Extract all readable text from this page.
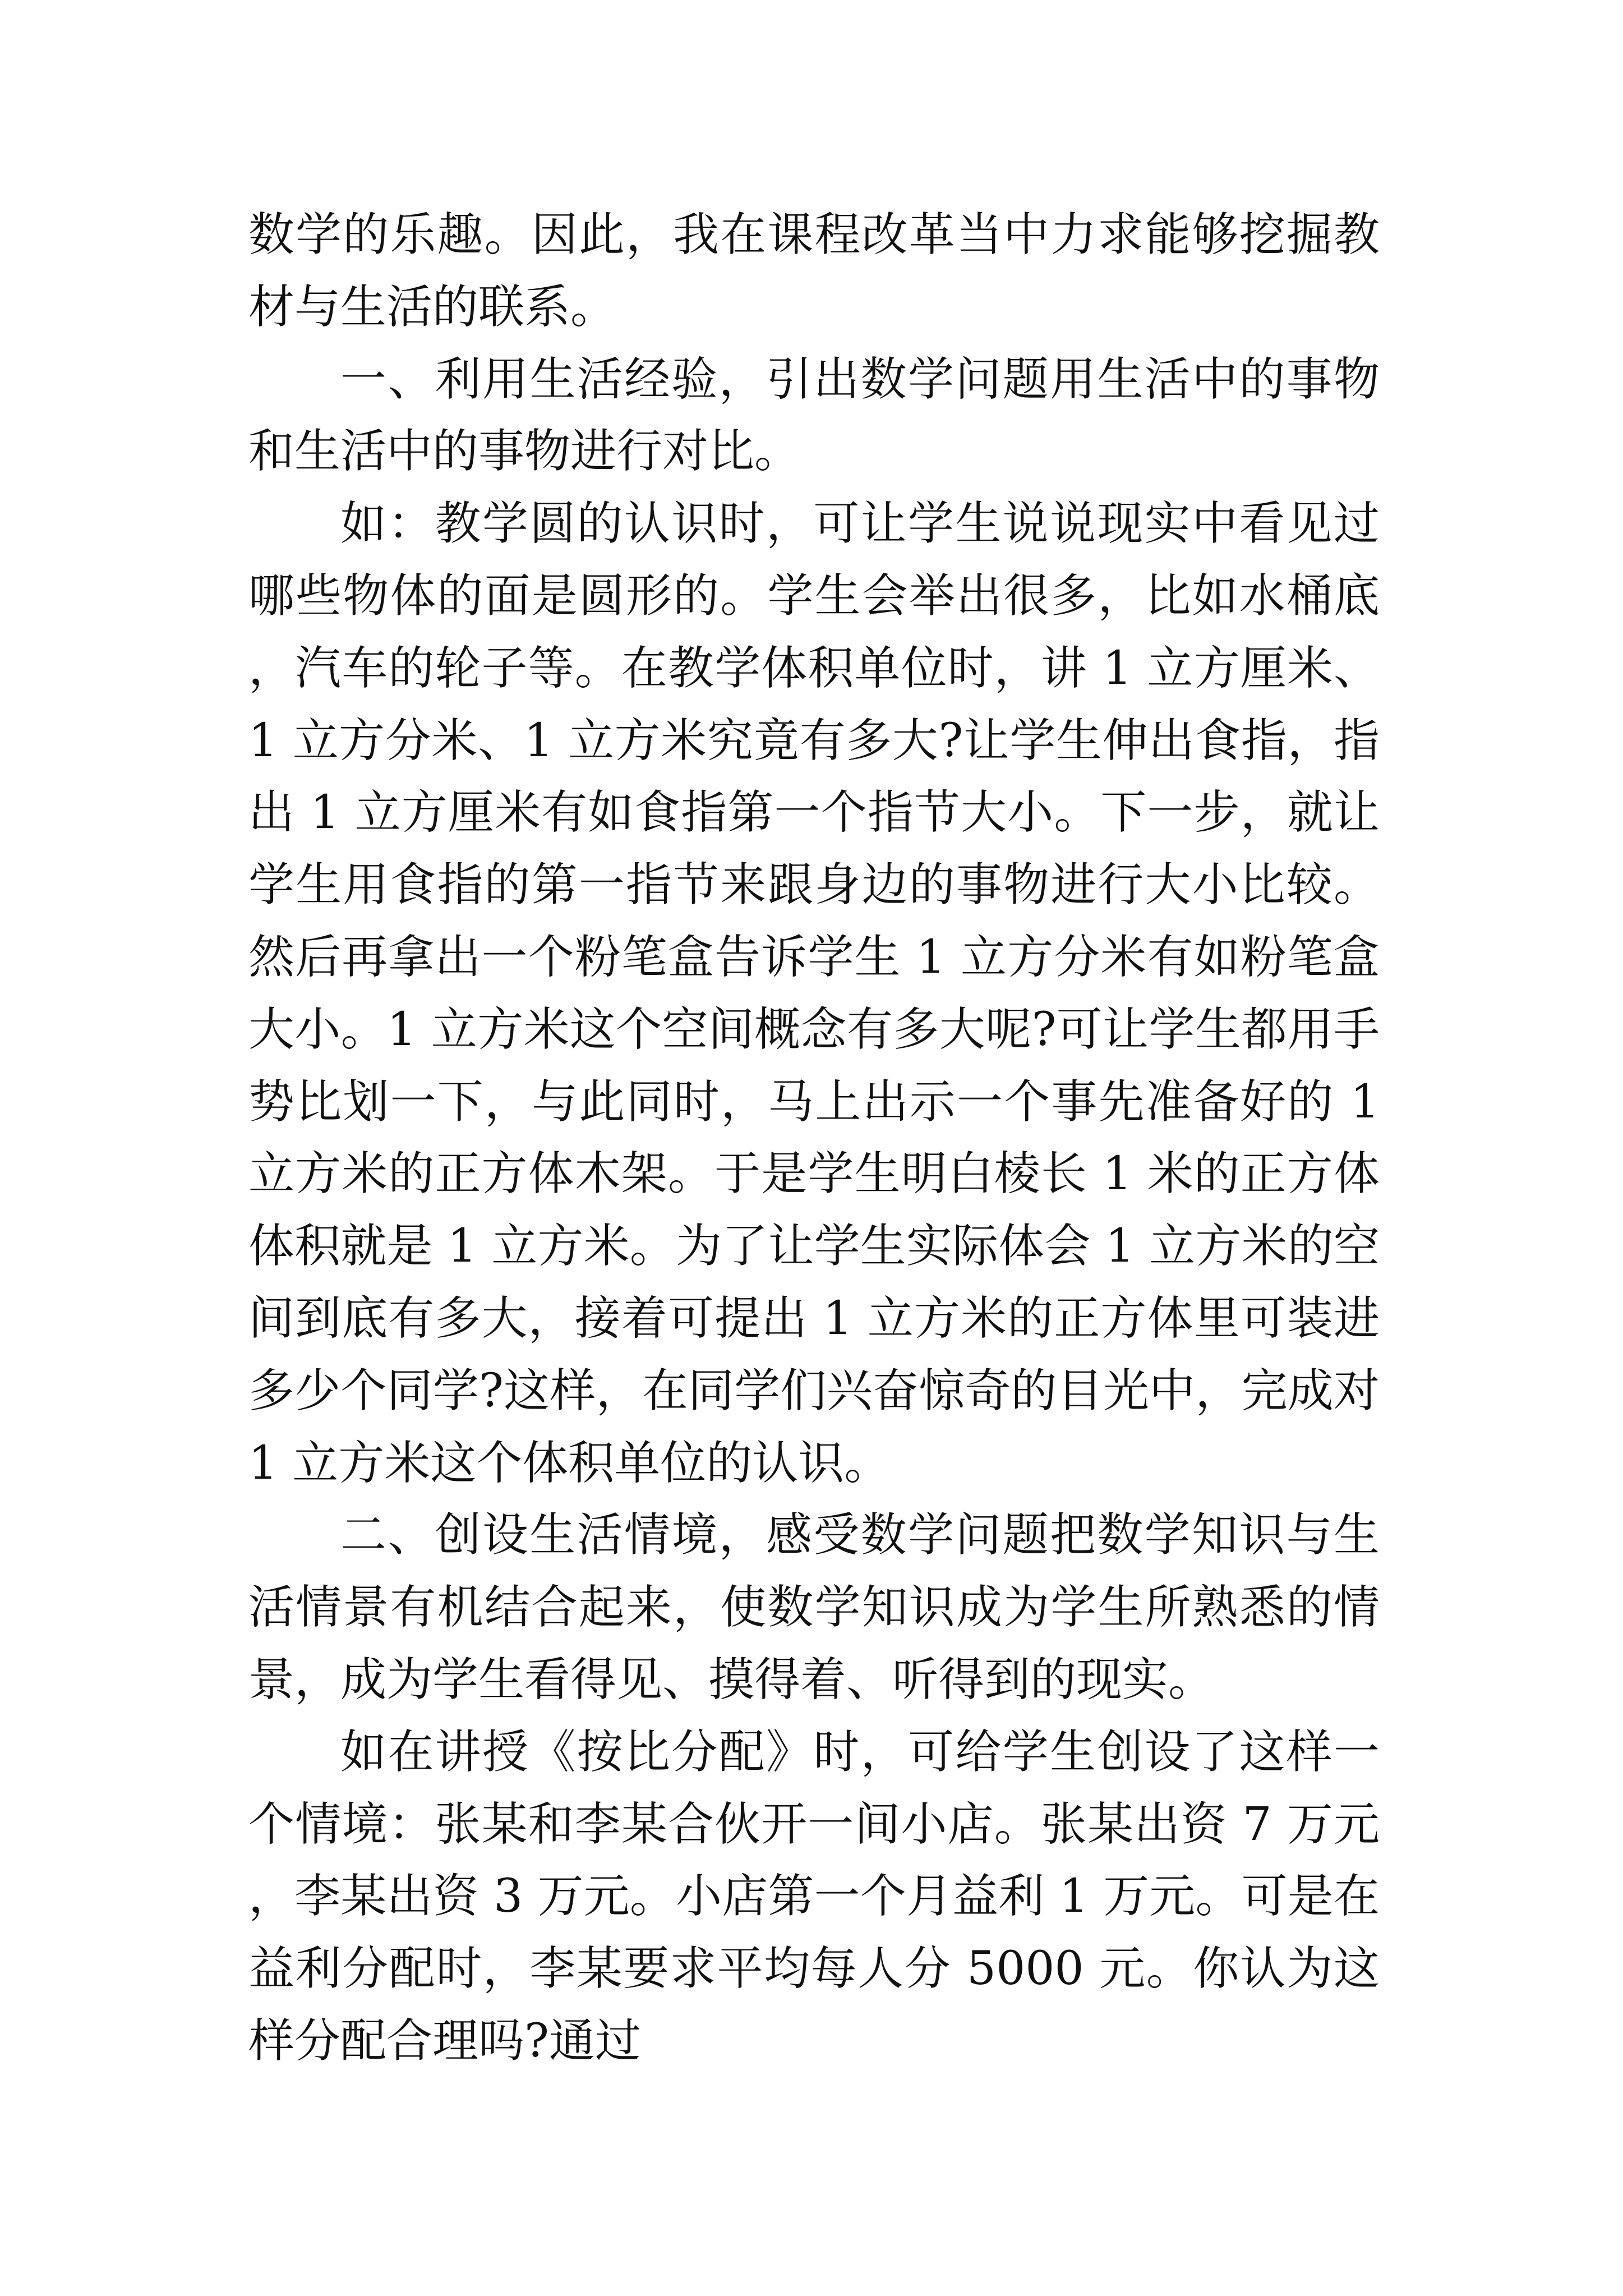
数学的乐趣。因此，我在课程改革当中力求能够挖掘教材与生活的联系。

一、利用生活经验，引出数学问题用生活中的事物和生活中的事物进行对比。

如：教学圆的认识时，可让学生说说现实中看见过哪些物体的面是圆形的。学生会举出很多，比如水桶底，汽车的轮子等。在教学体积单位时，讲 1 立方厘米、1 立方分米、1 立方米究竟有多大?让学生伸出食指，指出 1 立方厘米有如食指第一个指节大小。下一步，就让学生用食指的第一指节来跟身边的事物进行大小比较。然后再拿出一个粉笔盒告诉学生 1 立方分米有如粉笔盒大小。1 立方米这个空间概念有多大呢?可让学生都用手势比划一下，与此同时，马上出示一个事先准备好的 1 立方米的正方体木架。于是学生明白棱长 1 米的正方体体积就是 1 立方米。为了让学生实际体会 1 立方米的空间到底有多大，接着可提出 1 立方米的正方体里可装进多少个同学?这样，在同学们兴奋惊奇的目光中，完成对 1 立方米这个体积单位的认识。

二、创设生活情境，感受数学问题把数学知识与生活情景有机结合起来，使数学知识成为学生所熟悉的情景，成为学生看得见、摸得着、听得到的现实。

如在讲授《按比分配》时，可给学生创设了这样一个情境：张某和李某合伙开一间小店。张某出资 7 万元，李某出资 3 万元。小店第一个月益利 1 万元。可是在益利分配时，李某要求平均每人分 5000 元。你认为这样分配合理吗?通过
